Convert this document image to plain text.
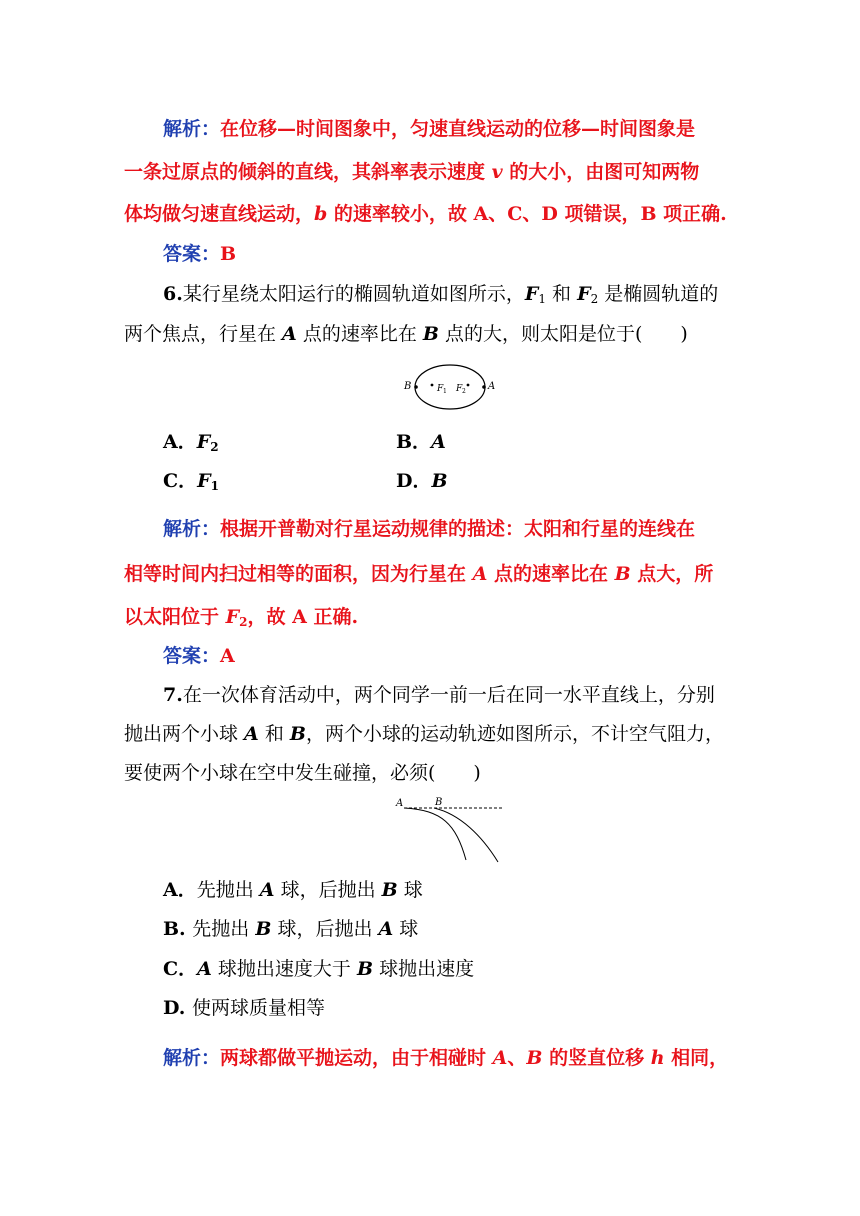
解析：在位移—时间图象中，匀速直线运动的位移—时间图象是
一条过原点的倾斜的直线，其斜率表示速度 v 的大小，由图可知两物
体均做匀速直线运动，b 的速率较小，故 A、C、D 项错误，B 项正确.
答案：B
6.某行星绕太阳运行的椭圆轨道如图所示，$F_1$ 和 $F_2$ 是椭圆轨道的
两个焦点，行星在 A 点的速率比在 B 点的大，则太阳是位于(　　)
B	A
F 1 F 2
A．$F_2$	B．A
C．$F_1$	D．B
解析：根据开普勒对行星运动规律的描述：太阳和行星的连线在
相等时间内扫过相等的面积，因为行星在 A 点的速率比在 B 点大，所
以太阳位于 $F_2$，故 A 正确.
答案：A
7.在一次体育活动中，两个同学一前一后在同一水平直线上，分别
抛出两个小球 A 和 B，两个小球的运动轨迹如图所示，不计空气阻力，
要使两个小球在空中发生碰撞，必须(　　)
A	B
A．先抛出 A 球，后抛出 B 球
B. 先抛出 B 球，后抛出 A 球
C．A 球抛出速度大于 B 球抛出速度
D. 使两球质量相等
解析：两球都做平抛运动，由于相碰时 A、B 的竖直位移 h 相同，
